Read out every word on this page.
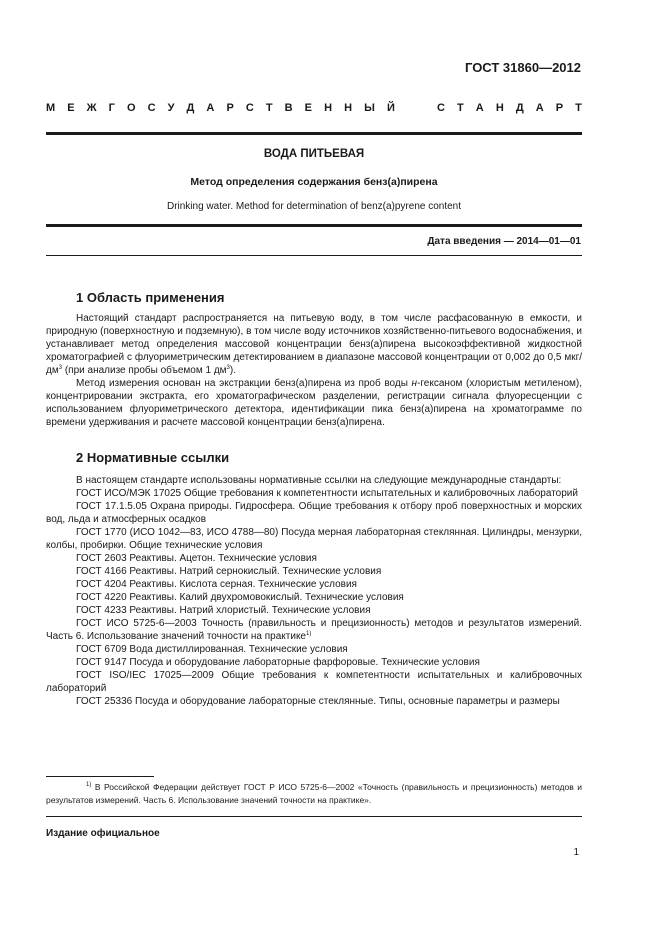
ГОСТ 31860—2012
М Е Ж Г О С У Д А Р С Т В Е Н Н Ы Й	С Т А Н Д А Р Т
ВОДА ПИТЬЕВАЯ
Метод определения содержания бенз(а)пирена
Drinking water. Method for determination of benz(a)pyrene content
Дата введения — 2014—01—01
1 Область применения

Настоящий стандарт распространяется на питьевую воду, в том числе расфасованную в емкости, и природную (поверхностную и подземную), в том числе воду источников хозяйственно-питьевого водоснабжения, и устанавливает метод определения массовой концентрации бенз(а)пирена высокоэффективной жидкостной хроматографией с флуориметрическим детектированием в диапазоне массовой концентрации от 0,002 до 0,5 мкг/$дм^3$ (при анализе пробы объемом 1 $дм^3$).

Метод измерения основан на экстракции бенз(а)пирена из проб воды н-гексаном (хлористым метиленом), концентрировании экстракта, его хроматографическом разделении, регистрации сигнала флуоресценции с использованием флуориметрического детектора, идентификации пика бенз(а)пирена на хроматограмме по времени удерживания и расчете массовой концентрации бенз(а)пирена.

2 Нормативные ссылки

В настоящем стандарте использованы нормативные ссылки на следующие международные стандарты:

ГОСТ ИСО/МЭК 17025 Общие требования к компетентности испытательных и калибровочных лабораторий

ГОСТ 17.1.5.05 Охрана природы. Гидросфера. Общие требования к отбору проб поверхностных и морских вод, льда и атмосферных осадков

ГОСТ 1770 (ИСО 1042—83, ИСО 4788—80) Посуда мерная лабораторная стеклянная. Цилиндры, мензурки, колбы, пробирки. Общие технические условия

ГОСТ 2603 Реактивы. Ацетон. Технические условия

ГОСТ 4166 Реактивы. Натрий сернокислый. Технические условия

ГОСТ 4204 Реактивы. Кислота серная. Технические условия

ГОСТ 4220 Реактивы. Калий двухромовокислый. Технические условия

ГОСТ 4233 Реактивы. Натрий хлористый. Технические условия

ГОСТ ИСО 5725-6—2003 Точность (правильность и прецизионность) методов и результатов измерений. Часть 6. Использование значений точности на практике$^{1)}$

ГОСТ 6709 Вода дистиллированная. Технические условия

ГОСТ 9147 Посуда и оборудование лабораторные фарфоровые. Технические условия

ГОСТ ISO/IEC 17025—2009 Общие требования к компетентности испытательных и калибровочных лабораторий

ГОСТ 25336 Посуда и оборудование лабораторные стеклянные. Типы, основные параметры и размеры

$^{1)}$ В Российской Федерации действует ГОСТ Р ИСО 5725-6—2002 «Точность (правильность и прецизионность) методов и результатов измерений. Часть 6. Использование значений точности на практике».

Издание официальное
1
